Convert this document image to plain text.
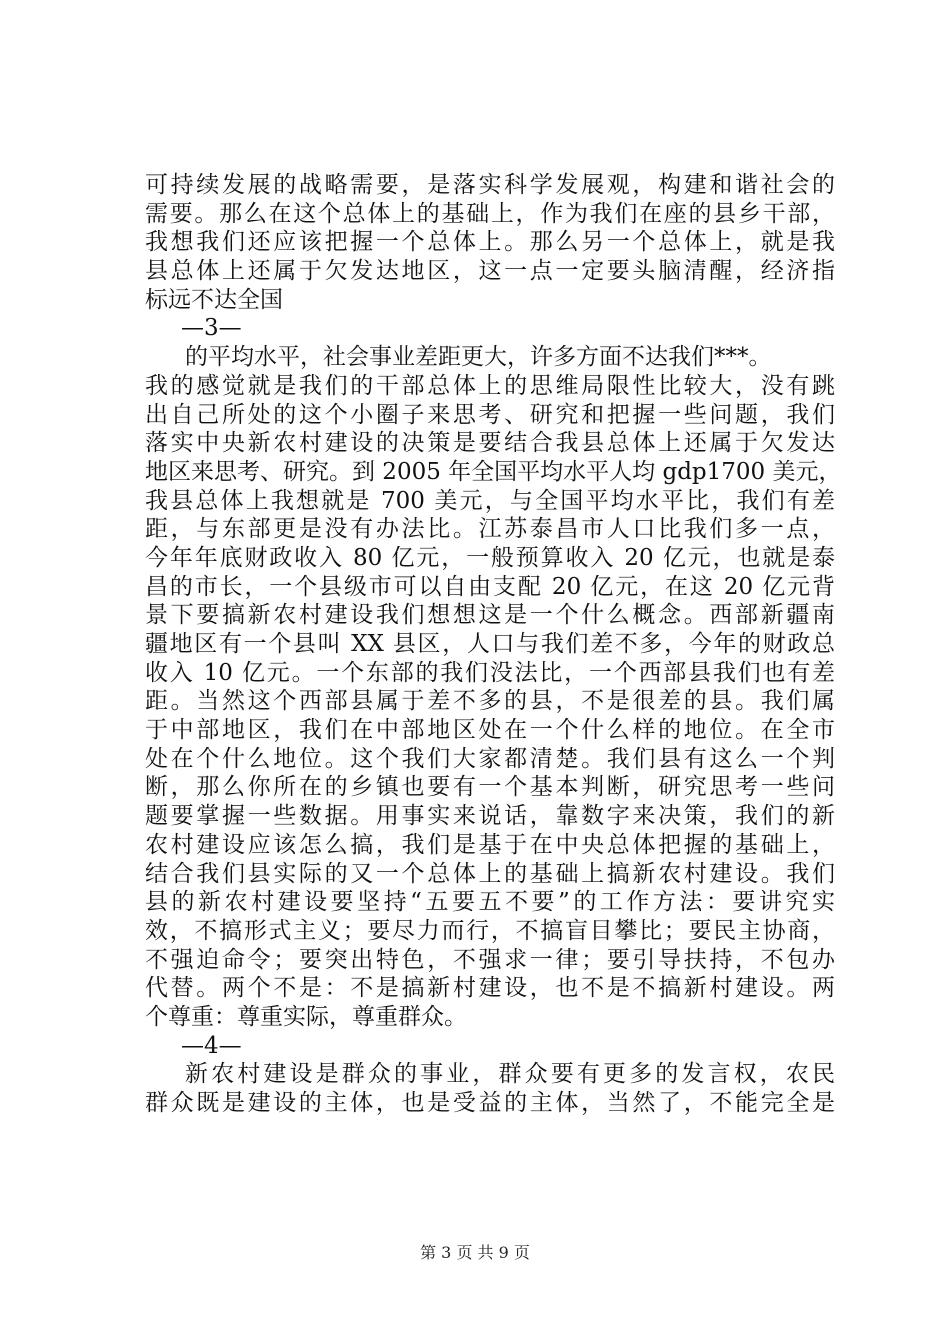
可持续发展的战略需要，是落实科学发展观，构建和谐社会的
需要。那么在这个总体上的基础上，作为我们在座的县乡干部，
我想我们还应该把握一个总体上。那么另一个总体上，就是我
县总体上还属于欠发达地区，这一点一定要头脑清醒，经济指
标远不达全国
—3—
的平均水平，社会事业差距更大，许多方面不达我们***。
我的感觉就是我们的干部总体上的思维局限性比较大，没有跳
出自己所处的这个小圈子来思考、研究和把握一些问题，我们
落实中央新农村建设的决策是要结合我县总体上还属于欠发达
地区来思考、研究。到 2005 年全国平均水平人均 gdp1700 美元，
我县总体上我想就是 700 美元，与全国平均水平比，我们有差
距，与东部更是没有办法比。江苏泰昌市人口比我们多一点，
今年年底财政收入 80 亿元，一般预算收入 20 亿元，也就是泰
昌的市长，一个县级市可以自由支配 20 亿元，在这 20 亿元背
景下要搞新农村建设我们想想这是一个什么概念。西部新疆南
疆地区有一个县叫 XX 县区，人口与我们差不多，今年的财政总
收入 10 亿元。一个东部的我们没法比，一个西部县我们也有差
距。当然这个西部县属于差不多的县，不是很差的县。我们属
于中部地区，我们在中部地区处在一个什么样的地位。在全市
处在个什么地位。这个我们大家都清楚。我们县有这么一个判
断，那么你所在的乡镇也要有一个基本判断，研究思考一些问
题要掌握一些数据。用事实来说话，靠数字来决策，我们的新
农村建设应该怎么搞，我们是基于在中央总体把握的基础上，
结合我们县实际的又一个总体上的基础上搞新农村建设。我们
县的新农村建设要坚持“五要五不要”的工作方法：要讲究实
效，不搞形式主义；要尽力而行，不搞盲目攀比；要民主协商，
不强迫命令；要突出特色，不强求一律；要引导扶持，不包办
代替。两个不是：不是搞新村建设，也不是不搞新村建设。两
个尊重：尊重实际，尊重群众。
—4—
新农村建设是群众的事业，群众要有更多的发言权，农民
群众既是建设的主体，也是受益的主体，当然了，不能完全是
第 3 页 共 9 页
